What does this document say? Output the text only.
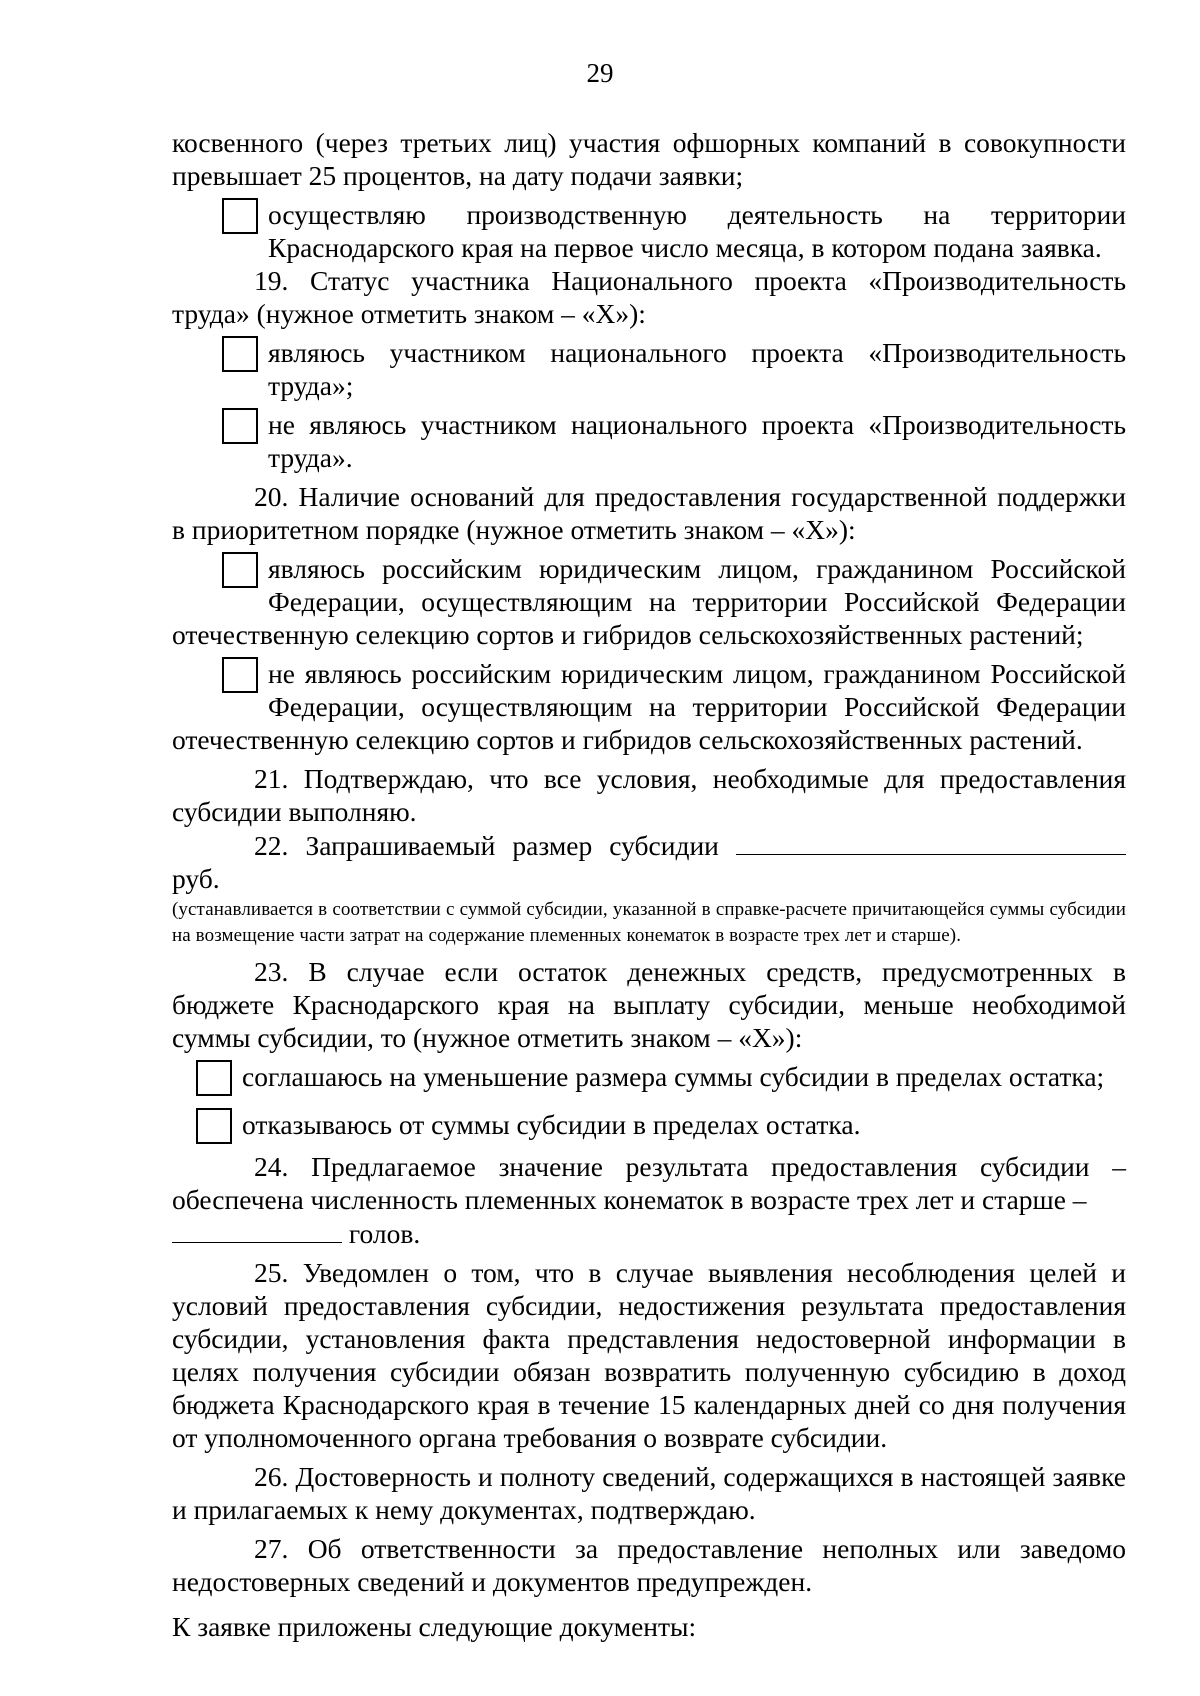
29

косвенного (через третьих лиц) участия офшорных компаний в совокупности превышает 25 процентов, на дату подачи заявки;

осуществляю производственную деятельность на территории Краснодарского края на первое число месяца, в котором подана заявка.

19. Статус участника Национального проекта «Производительность труда» (нужное отметить знаком – «Х»):

являюсь участником национального проекта «Производительность труда»;
не являюсь участником национального проекта «Производительность труда».

20. Наличие оснований для предоставления государственной поддержки в приоритетном порядке (нужное отметить знаком – «Х»):

являюсь российским юридическим лицом, гражданином Российской Федерации, осуществляющим на территории Российской Федерации отечественную селекцию сортов и гибридов сельскохозяйственных растений;
не являюсь российским юридическим лицом, гражданином Российской Федерации, осуществляющим на территории Российской Федерации отечественную селекцию сортов и гибридов сельскохозяйственных растений.

21. Подтверждаю, что все условия, необходимые для предоставления субсидии выполняю.

22. Запрашиваемый размер субсидии  руб.

(устанавливается в соответствии с суммой субсидии, указанной в справке-расчете причитающейся суммы субсидии на возмещение части затрат на содержание племенных конематок в возрасте трех лет и старше).

23. В случае если остаток денежных средств, предусмотренных в бюджете Краснодарского края на выплату субсидии, меньше необходимой суммы субсидии, то (нужное отметить знаком – «Х»):

соглашаюсь на уменьшение размера суммы субсидии в пределах остатка;
отказываюсь от суммы субсидии в пределах остатка.

24. Предлагаемое значение результата предоставления субсидии – обеспечена численность племенных конематок в возрасте трех лет и старше –

голов.

25. Уведомлен о том, что в случае выявления несоблюдения целей и условий предоставления субсидии, недостижения результата предоставления субсидии, установления факта представления недостоверной информации в целях получения субсидии обязан возвратить полученную субсидию в доход бюджета Краснодарского края в течение 15 календарных дней со дня получения от уполномоченного органа требования о возврате субсидии.

26. Достоверность и полноту сведений, содержащихся в настоящей заявке и прилагаемых к нему документах, подтверждаю.

27. Об ответственности за предоставление неполных или заведомо недостоверных сведений и документов предупрежден.

К заявке приложены следующие документы:
